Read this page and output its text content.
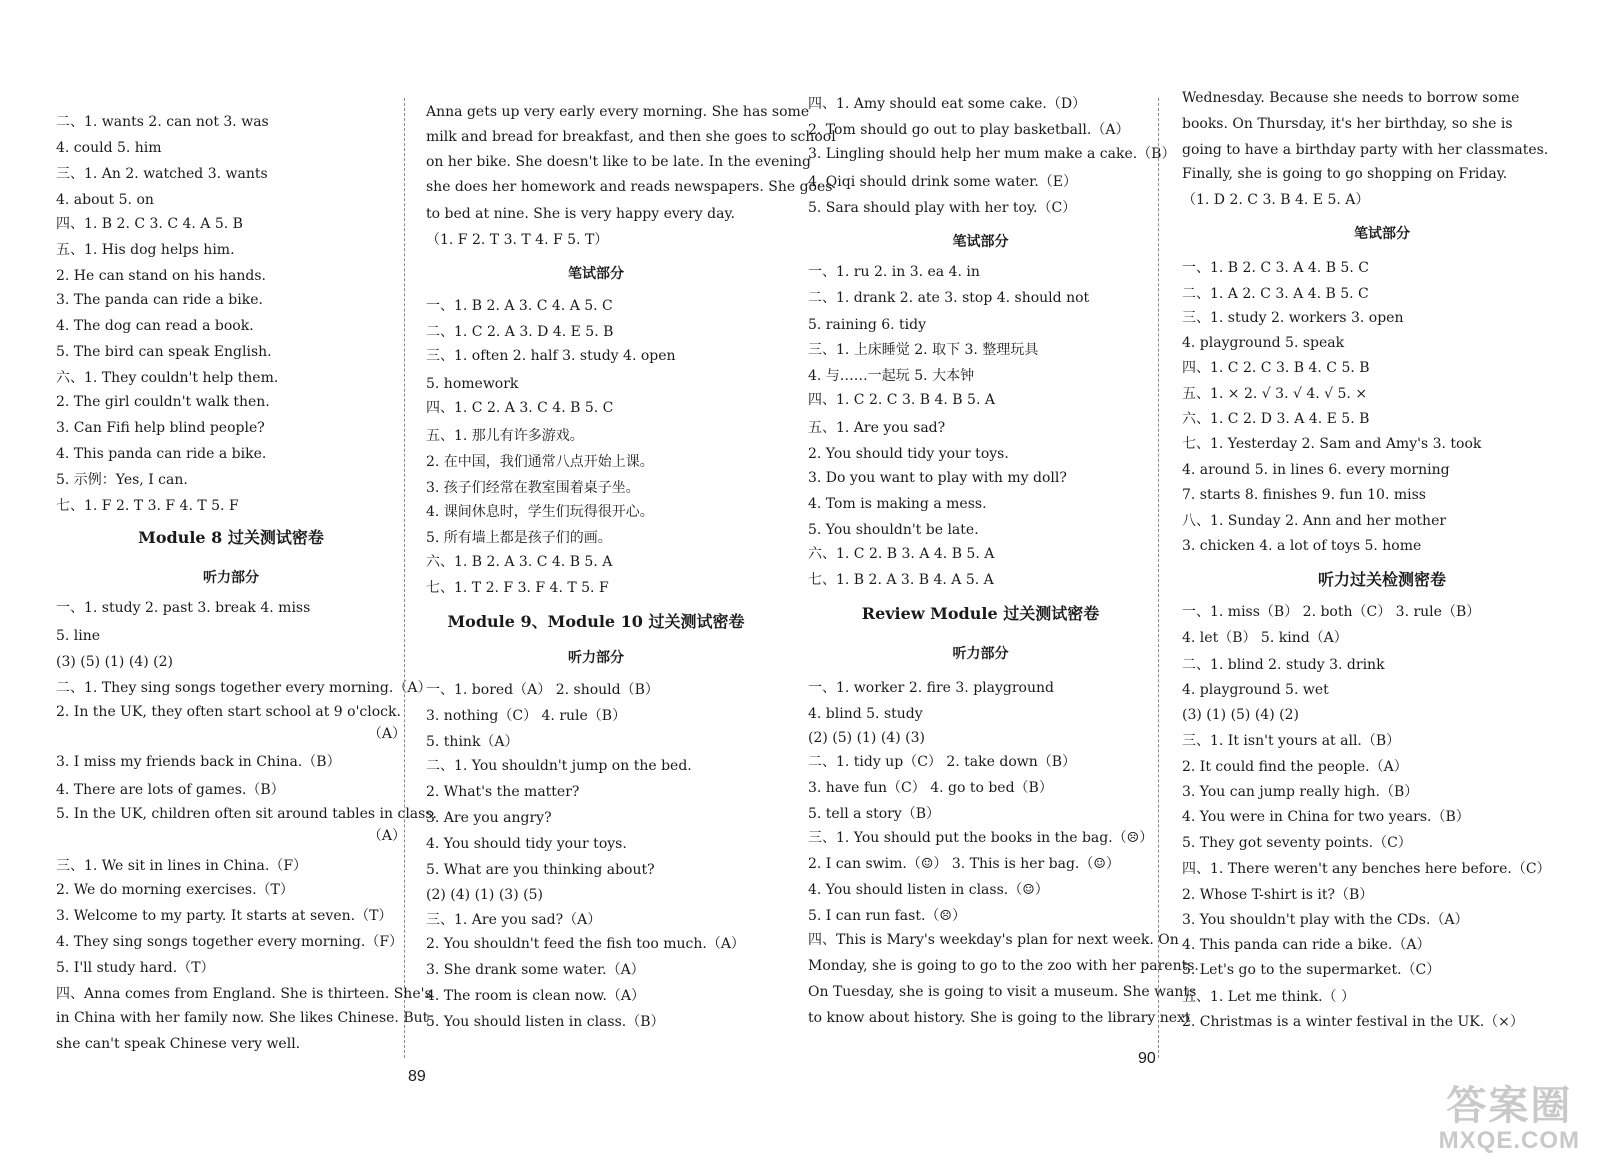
二、1. wants 2. can not 3. was
4. could 5. him
三、1. An 2. watched 3. wants
4. about 5. on
四、1. B 2. C 3. C 4. A 5. B
五、1. His dog helps him.
2. He can stand on his hands.
3. The panda can ride a bike.
4. The dog can read a book.
5. The bird can speak English.
六、1. They couldn't help them.
2. The girl couldn't walk then.
3. Can Fifi help blind people?
4. This panda can ride a bike.
5. 示例：Yes, I can.
七、1. F 2. T 3. F 4. T 5. F
Module 8 过关测试密卷
听力部分
一、1. study 2. past 3. break 4. miss
5. line
(3) (5) (1) (4) (2)
二、1. They sing songs together every morning.（A）
2. In the UK, they often start school at 9 o'clock.
（A）
3. I miss my friends back in China.（B）
4. There are lots of games.（B）
5. In the UK, children often sit around tables in class.
（A）
三、1. We sit in lines in China.（F）
2. We do morning exercises.（T）
3. Welcome to my party. It starts at seven.（T）
4. They sing songs together every morning.（F）
5. I'll study hard.（T）
四、Anna comes from England. She is thirteen. She's
in China with her family now. She likes Chinese. But
she can't speak Chinese very well.
Anna gets up very early every morning. She has some
milk and bread for breakfast, and then she goes to school
on her bike. She doesn't like to be late. In the evening
she does her homework and reads newspapers. She goes
to bed at nine. She is very happy every day.
（1. F 2. T 3. T 4. F 5. T）
笔试部分
一、1. B 2. A 3. C 4. A 5. C
二、1. C 2. A 3. D 4. E 5. B
三、1. often 2. half 3. study 4. open
5. homework
四、1. C 2. A 3. C 4. B 5. C
五、1. 那儿有许多游戏。
2. 在中国，我们通常八点开始上课。
3. 孩子们经常在教室围着桌子坐。
4. 课间休息时，学生们玩得很开心。
5. 所有墙上都是孩子们的画。
六、1. B 2. A 3. C 4. B 5. A
七、1. T 2. F 3. F 4. T 5. F
Module 9、Module 10 过关测试密卷
听力部分
一、1. bored（A） 2. should（B）
3. nothing（C） 4. rule（B）
5. think（A）
二、1. You shouldn't jump on the bed.
2. What's the matter?
3. Are you angry?
4. You should tidy your toys.
5. What are you thinking about?
(2) (4) (1) (3) (5)
三、1. Are you sad?（A）
2. You shouldn't feed the fish too much.（A）
3. She drank some water.（A）
4. The room is clean now.（A）
5. You should listen in class.（B）
四、1. Amy should eat some cake.（D）
2. Tom should go out to play basketball.（A）
3. Lingling should help her mum make a cake.（B）
4. Qiqi should drink some water.（E）
5. Sara should play with her toy.（C）
笔试部分
一、1. ru 2. in 3. ea 4. in
二、1. drank 2. ate 3. stop 4. should not
5. raining 6. tidy
三、1. 上床睡觉 2. 取下 3. 整理玩具
4. 与……一起玩 5. 大本钟
四、1. C 2. C 3. B 4. B 5. A
五、1. Are you sad?
2. You should tidy your toys.
3. Do you want to play with my doll?
4. Tom is making a mess.
5. You shouldn't be late.
六、1. C 2. B 3. A 4. B 5. A
七、1. B 2. A 3. B 4. A 5. A
Review Module 过关测试密卷
听力部分
一、1. worker 2. fire 3. playground
4. blind 5. study
(2) (5) (1) (4) (3)
二、1. tidy up（C） 2. take down（B）
3. have fun（C） 4. go to bed（B）
5. tell a story（B）
三、1. You should put the books in the bag.（☹）
2. I can swim.（☺） 3. This is her bag.（☺）
4. You should listen in class.（☺）
5. I can run fast.（☹）
四、This is Mary's weekday's plan for next week. On
Monday, she is going to go to the zoo with her parents.
On Tuesday, she is going to visit a museum. She wants
to know about history. She is going to the library next
Wednesday. Because she needs to borrow some
books. On Thursday, it's her birthday, so she is
going to have a birthday party with her classmates.
Finally, she is going to go shopping on Friday.
（1. D 2. C 3. B 4. E 5. A）
笔试部分
一、1. B 2. C 3. A 4. B 5. C
二、1. A 2. C 3. A 4. B 5. C
三、1. study 2. workers 3. open
4. playground 5. speak
四、1. C 2. C 3. B 4. C 5. B
五、1. × 2. √ 3. √ 4. √ 5. ×
六、1. C 2. D 3. A 4. E 5. B
七、1. Yesterday 2. Sam and Amy's 3. took
4. around 5. in lines 6. every morning
7. starts 8. finishes 9. fun 10. miss
八、1. Sunday 2. Ann and her mother
3. chicken 4. a lot of toys 5. home
听力过关检测密卷
一、1. miss（B） 2. both（C） 3. rule（B）
4. let（B） 5. kind（A）
二、1. blind 2. study 3. drink
4. playground 5. wet
(3) (1) (5) (4) (2)
三、1. It isn't yours at all.（B）
2. It could find the people.（A）
3. You can jump really high.（B）
4. You were in China for two years.（B）
5. They got seventy points.（C）
四、1. There weren't any benches here before.（C）
2. Whose T-shirt is it?（B）
3. You shouldn't play with the CDs.（A）
4. This panda can ride a bike.（A）
5. Let's go to the supermarket.（C）
五、1. Let me think.（ ）
2. Christmas is a winter festival in the UK.（×）
89
90
答案圈
MXQE.COM
